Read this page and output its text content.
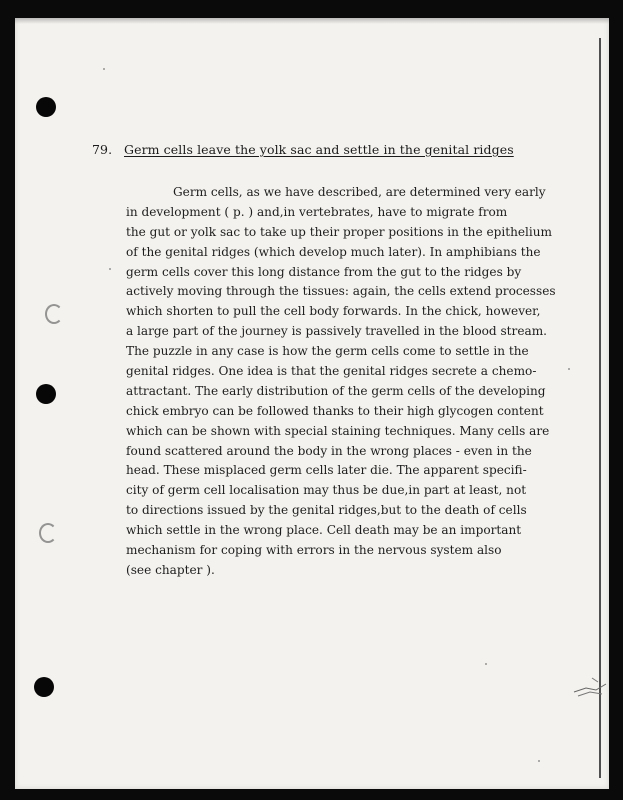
79. Germ cells leave the yolk sac and settle in the genital ridges
Germ cells, as we have described, are determined very early
in development ( p. ) and,in vertebrates, have to migrate from
the gut or yolk sac to take up their proper positions in the epithelium
of the genital ridges (which develop much later). In amphibians the
germ cells cover this long distance from the gut to the ridges by
actively moving through the tissues: again, the cells extend processes
which shorten to pull the cell body forwards. In the chick, however,
a large part of the journey is passively travelled in the blood stream.
The puzzle in any case is how the germ cells come to settle in the
genital ridges. One idea is that the genital ridges secrete a chemo-
attractant. The early distribution of the germ cells of the developing
chick embryo can be followed thanks to their high glycogen content
which can be shown with special staining techniques. Many cells are
found scattered around the body in the wrong places - even in the
head. These misplaced germ cells later die. The apparent specifi-
city of germ cell localisation may thus be due,in part at least, not
to directions issued by the genital ridges,but to the death of cells
which settle in the wrong place. Cell death may be an important
mechanism for coping with errors in the nervous system also
(see chapter ).
